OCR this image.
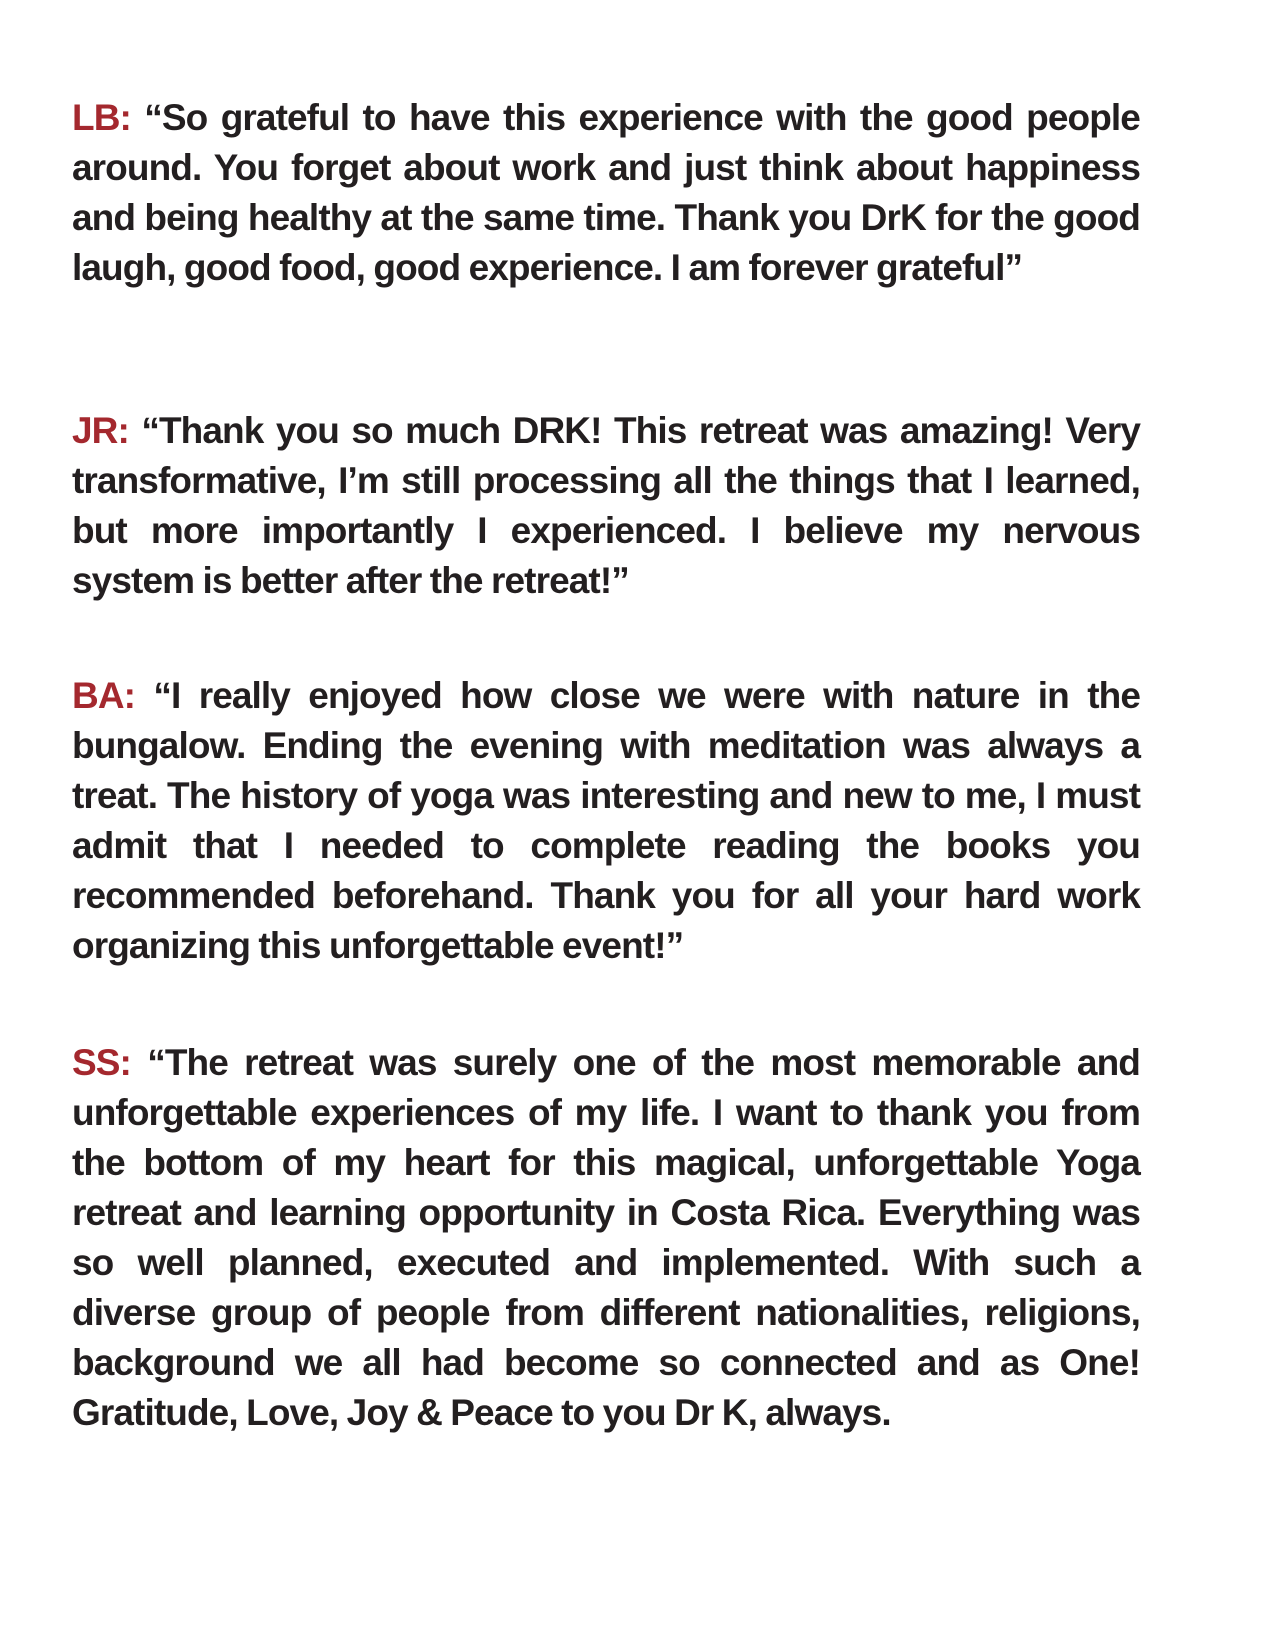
LB: “So grateful to have this experience with the good people around. You forget about work and just think about happiness and being healthy at the same time. Thank you DrK for the good laugh, good food, good experience. I am forever grateful”

JR: “Thank you so much DRK! This retreat was amazing! Very transformative, I’m still processing all the things that I learned, but more importantly I experienced. I believe my nervous system is better after the retreat!”

BA: “I really enjoyed how close we were with nature in the bungalow. Ending the evening with meditation was always a treat. The history of yoga was interesting and new to me, I must admit that I needed to complete reading the books you recommended beforehand. Thank you for all your hard work organizing this unforgettable event!”

SS: “The retreat was surely one of the most memorable and unforgettable experiences of my life. I want to thank you from the bottom of my heart for this magical, unforgettable Yoga retreat and learning opportunity in Costa Rica. Everything was so well planned, executed and implemented. With such a diverse group of people from different nationalities, religions, background we all had become so connected and as One! Gratitude, Love, Joy & Peace to you Dr K, always.
